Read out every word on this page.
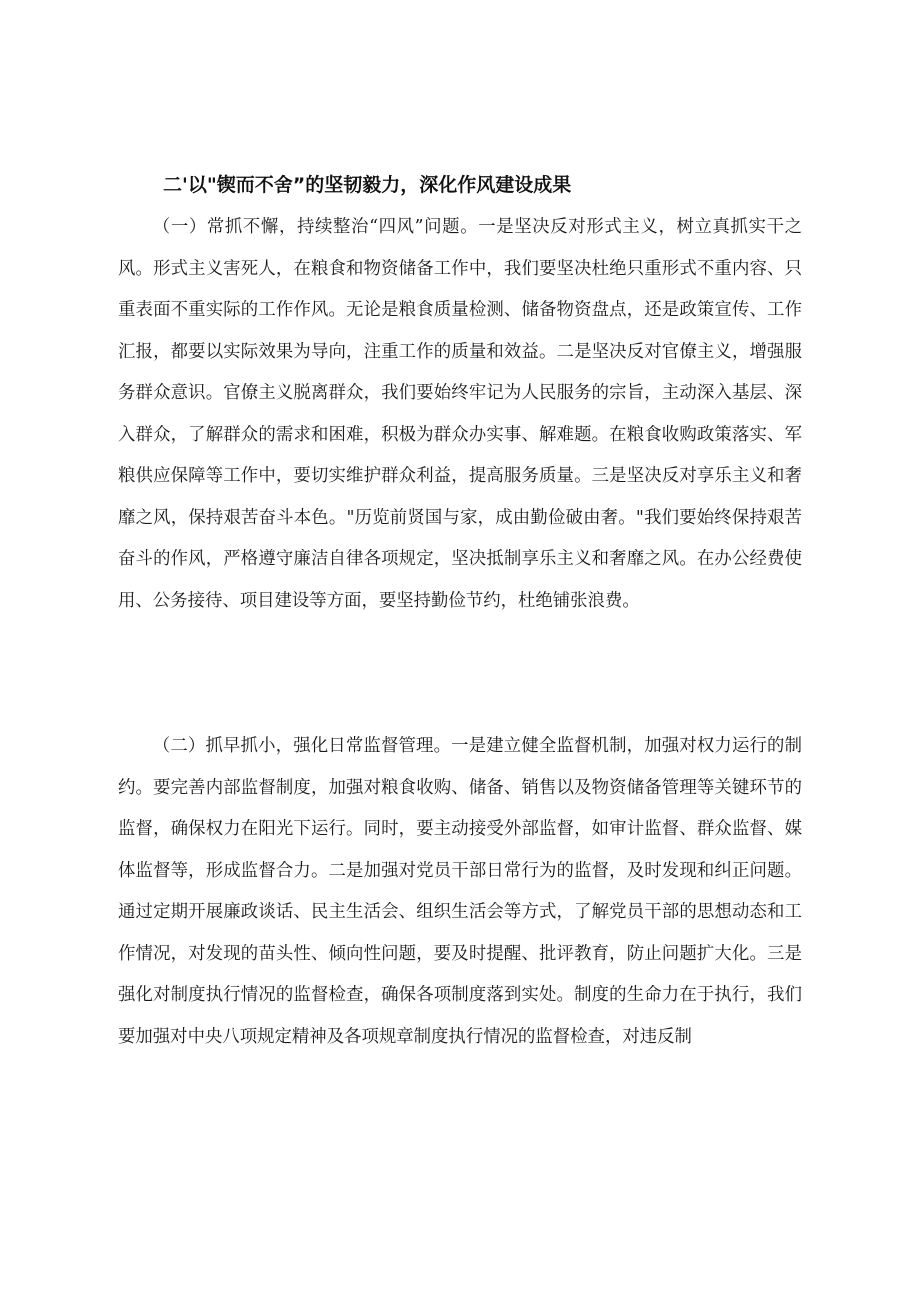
二'以"锲而不舍”的坚韧毅力，深化作风建设成果

（一）常抓不懈，持续整治“四风”问题。一是坚决反对形式主义，树立真抓实干之风。形式主义害死人，在粮食和物资储备工作中，我们要坚决杜绝只重形式不重内容、只重表面不重实际的工作作风。无论是粮食质量检测、储备物资盘点，还是政策宣传、工作汇报，都要以实际效果为导向，注重工作的质量和效益。二是坚决反对官僚主义，增强服务群众意识。官僚主义脱离群众，我们要始终牢记为人民服务的宗旨，主动深入基层、深入群众，了解群众的需求和困难，积极为群众办实事、解难题。在粮食收购政策落实、军粮供应保障等工作中，要切实维护群众利益，提高服务质量。三是坚决反对享乐主义和奢靡之风，保持艰苦奋斗本色。"历览前贤国与家，成由勤俭破由奢。"我们要始终保持艰苦奋斗的作风，严格遵守廉洁自律各项规定，坚决抵制享乐主义和奢靡之风。在办公经费使用、公务接待、项目建设等方面，要坚持勤俭节约，杜绝铺张浪费。

（二）抓早抓小，强化日常监督管理。一是建立健全监督机制，加强对权力运行的制约。要完善内部监督制度，加强对粮食收购、储备、销售以及物资储备管理等关键环节的监督，确保权力在阳光下运行。同时，要主动接受外部监督，如审计监督、群众监督、媒体监督等，形成监督合力。二是加强对党员干部日常行为的监督，及时发现和纠正问题。通过定期开展廉政谈话、民主生活会、组织生活会等方式，了解党员干部的思想动态和工作情况，对发现的苗头性、倾向性问题，要及时提醒、批评教育，防止问题扩大化。三是强化对制度执行情况的监督检查，确保各项制度落到实处。制度的生命力在于执行，我们要加强对中央八项规定精神及各项规章制度执行情况的监督检查，对违反制
